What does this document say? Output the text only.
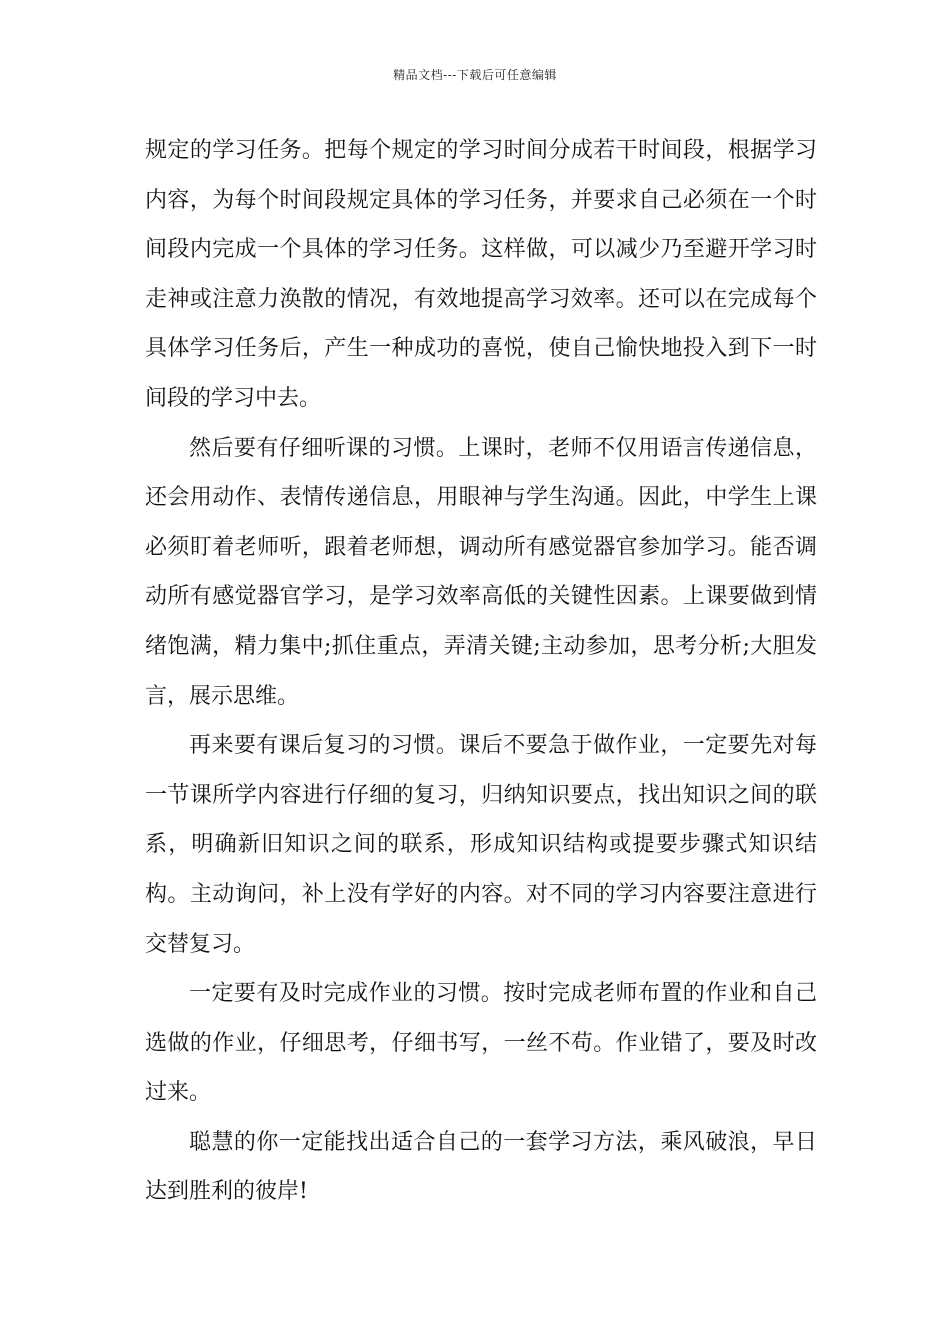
精品文档---下载后可任意编辑

规定的学习任务。把每个规定的学习时间分成若干时间段，根据学习内容，为每个时间段规定具体的学习任务，并要求自己必须在一个时间段内完成一个具体的学习任务。这样做，可以减少乃至避开学习时走神或注意力涣散的情况，有效地提高学习效率。还可以在完成每个具体学习任务后，产生一种成功的喜悦，使自己愉快地投入到下一时间段的学习中去。

然后要有仔细听课的习惯。上课时，老师不仅用语言传递信息，还会用动作、表情传递信息，用眼神与学生沟通。因此，中学生上课必须盯着老师听，跟着老师想，调动所有感觉器官参加学习。能否调动所有感觉器官学习，是学习效率高低的关键性因素。上课要做到情绪饱满，精力集中;抓住重点，弄清关键;主动参加，思考分析;大胆发言，展示思维。

再来要有课后复习的习惯。课后不要急于做作业，一定要先对每一节课所学内容进行仔细的复习，归纳知识要点，找出知识之间的联系，明确新旧知识之间的联系，形成知识结构或提要步骤式知识结构。主动询问，补上没有学好的内容。对不同的学习内容要注意进行交替复习。

一定要有及时完成作业的习惯。按时完成老师布置的作业和自己选做的作业，仔细思考，仔细书写，一丝不苟。作业错了，要及时改过来。

聪慧的你一定能找出适合自己的一套学习方法，乘风破浪，早日达到胜利的彼岸!
